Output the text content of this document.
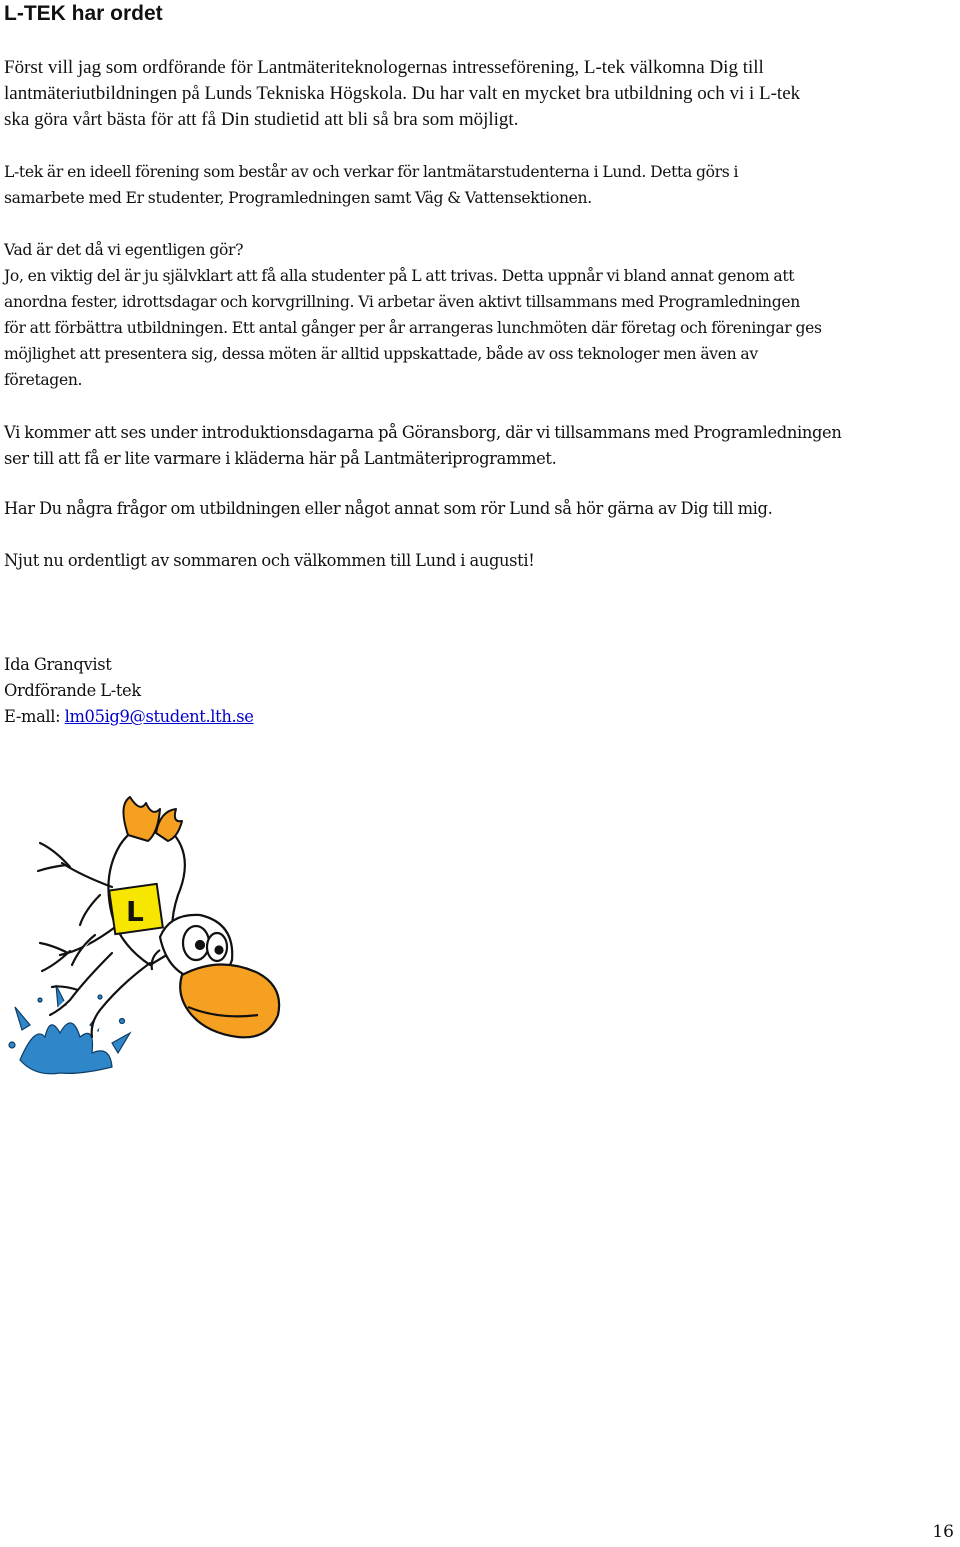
L-TEK har ordet
Först vill jag som ordförande för Lantmäteriteknologernas intresseförening, L-tek välkomna Dig till
lantmäteriutbildningen på Lunds Tekniska Högskola. Du har valt en mycket bra utbildning och vi i L-tek
ska göra vårt bästa för att få Din studietid att bli så bra som möjligt.
L-tek är en ideell förening som består av och verkar för lantmätarstudenterna i Lund. Detta görs i
samarbete med Er studenter, Programledningen samt Väg & Vattensektionen.
Vad är det då vi egentligen gör?
Jo, en viktig del är ju självklart att få alla studenter på L att trivas. Detta uppnår vi bland annat genom att
anordna fester, idrottsdagar och korvgrillning. Vi arbetar även aktivt tillsammans med Programledningen
för att förbättra utbildningen. Ett antal gånger per år arrangeras lunchmöten där företag och föreningar ges
möjlighet att presentera sig, dessa möten är alltid uppskattade, både av oss teknologer men även av
företagen.
Vi kommer att ses under introduktionsdagarna på Göransborg, där vi tillsammans med Programledningen
ser till att få er lite varmare i kläderna här på Lantmäteriprogrammet.
Har Du några frågor om utbildningen eller något annat som rör Lund så hör gärna av Dig till mig.
Njut nu ordentligt av sommaren och välkommen till Lund i augusti!
Ida Granqvist
Ordförande L-tek
E-mall: lm05ig9@student.lth.se
L
16
